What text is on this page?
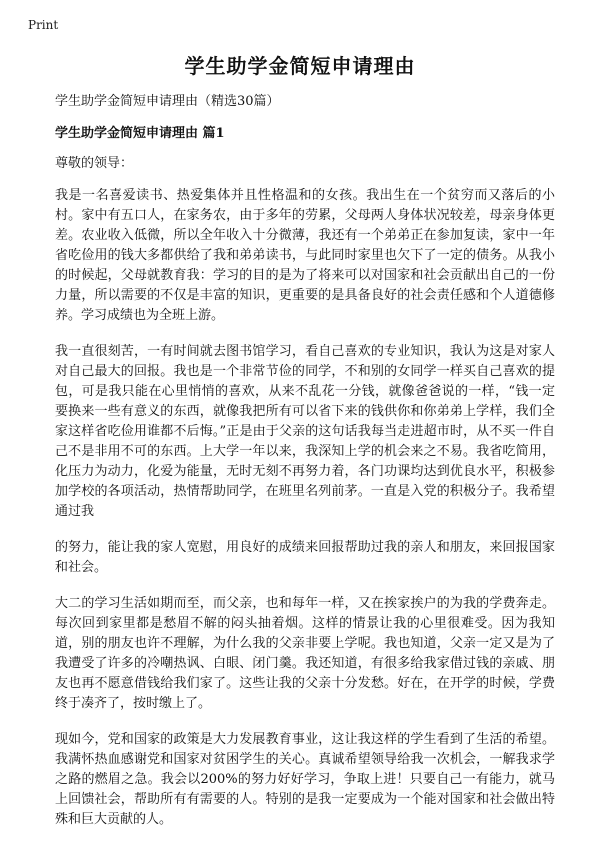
Print
学生助学金简短申请理由

学生助学金简短申请理由（精选30篇）

学生助学金简短申请理由 篇1

尊敬的领导：

我是一名喜爱读书、热爱集体并且性格温和的女孩。我出生在一个贫穷而又落后的小村。家中有五口人，在家务农，由于多年的劳累，父母两人身体状况较差，母亲身体更差。农业收入低微，所以全年收入十分微薄，我还有一个弟弟正在参加复读，家中一年省吃俭用的钱大多都供给了我和弟弟读书，与此同时家里也欠下了一定的债务。从我小的时候起，父母就教育我：学习的目的是为了将来可以对国家和社会贡献出自己的一份力量，所以需要的不仅是丰富的知识，更重要的是具备良好的社会责任感和个人道德修养。学习成绩也为全班上游。

我一直很刻苦，一有时间就去图书馆学习，看自己喜欢的专业知识，我认为这是对家人对自己最大的回报。我也是一个非常节俭的同学，不和别的女同学一样买自己喜欢的提包，可是我只能在心里悄悄的喜欢，从来不乱花一分钱，就像爸爸说的一样，“钱一定要换来一些有意义的东西，就像我把所有可以省下来的钱供你和你弟弟上学样，我们全家这样省吃俭用谁都不后悔。”正是由于父亲的这句话我每当走进超市时，从不买一件自己不是非用不可的东西。上大学一年以来，我深知上学的机会来之不易。我省吃简用，化压力为动力，化爱为能量，无时无刻不再努力着，各门功课均达到优良水平，积极参加学校的各项活动，热情帮助同学，在班里名列前茅。一直是入党的积极分子。我希望通过我

的努力，能让我的家人宽慰，用良好的成绩来回报帮助过我的亲人和朋友，来回报国家和社会。

大二的学习生活如期而至，而父亲，也和每年一样，又在挨家挨户的为我的学费奔走。每次回到家里都是愁眉不解的闷头抽着烟。这样的情景让我的心里很难受。因为我知道，别的朋友也许不理解，为什么我的父亲非要上学呢。我也知道，父亲一定又是为了我遭受了许多的冷嘲热讽、白眼、闭门羹。我还知道，有很多给我家借过钱的亲戚、朋友也再不愿意借钱给我们家了。这些让我的父亲十分发愁。好在，在开学的时候，学费终于凑齐了，按时缴上了。

现如今，党和国家的政策是大力发展教育事业，这让我这样的学生看到了生活的希望。我满怀热血感谢党和国家对贫困学生的关心。真诚希望领导给我一次机会，一解我求学之路的燃眉之急。我会以200%的努力好好学习，争取上进！只要自己一有能力，就马上回馈社会，帮助所有有需要的人。特别的是我一定要成为一个能对国家和社会做出特殊和巨大贡献的人。
